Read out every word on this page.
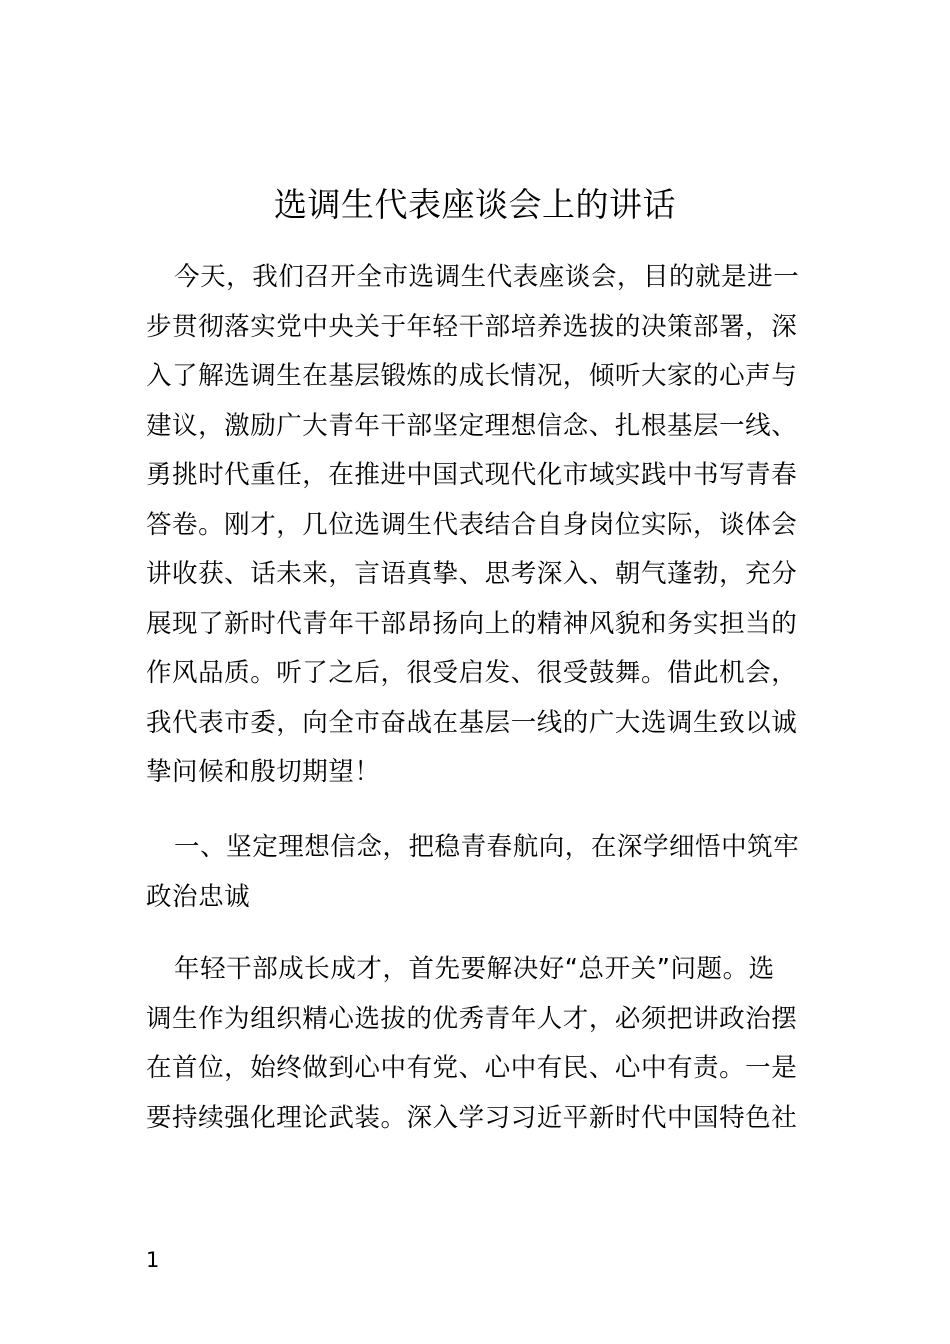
选调生代表座谈会上的讲话
　今天，我们召开全市选调生代表座谈会，目的就是进一
步贯彻落实党中央关于年轻干部培养选拔的决策部署，深
入了解选调生在基层锻炼的成长情况，倾听大家的心声与
建议，激励广大青年干部坚定理想信念、扎根基层一线、
勇挑时代重任，在推进中国式现代化市域实践中书写青春
答卷。刚才，几位选调生代表结合自身岗位实际，谈体会
讲收获、话未来，言语真挚、思考深入、朝气蓬勃，充分
展现了新时代青年干部昂扬向上的精神风貌和务实担当的
作风品质。听了之后，很受启发、很受鼓舞。借此机会，
我代表市委，向全市奋战在基层一线的广大选调生致以诚
挚问候和殷切期望！
　一、坚定理想信念，把稳青春航向，在深学细悟中筑牢
政治忠诚
　年轻干部成长成才，首先要解决好“总开关”问题。选
调生作为组织精心选拔的优秀青年人才，必须把讲政治摆
在首位，始终做到心中有党、心中有民、心中有责。一是
要持续强化理论武装。深入学习习近平新时代中国特色社
1
